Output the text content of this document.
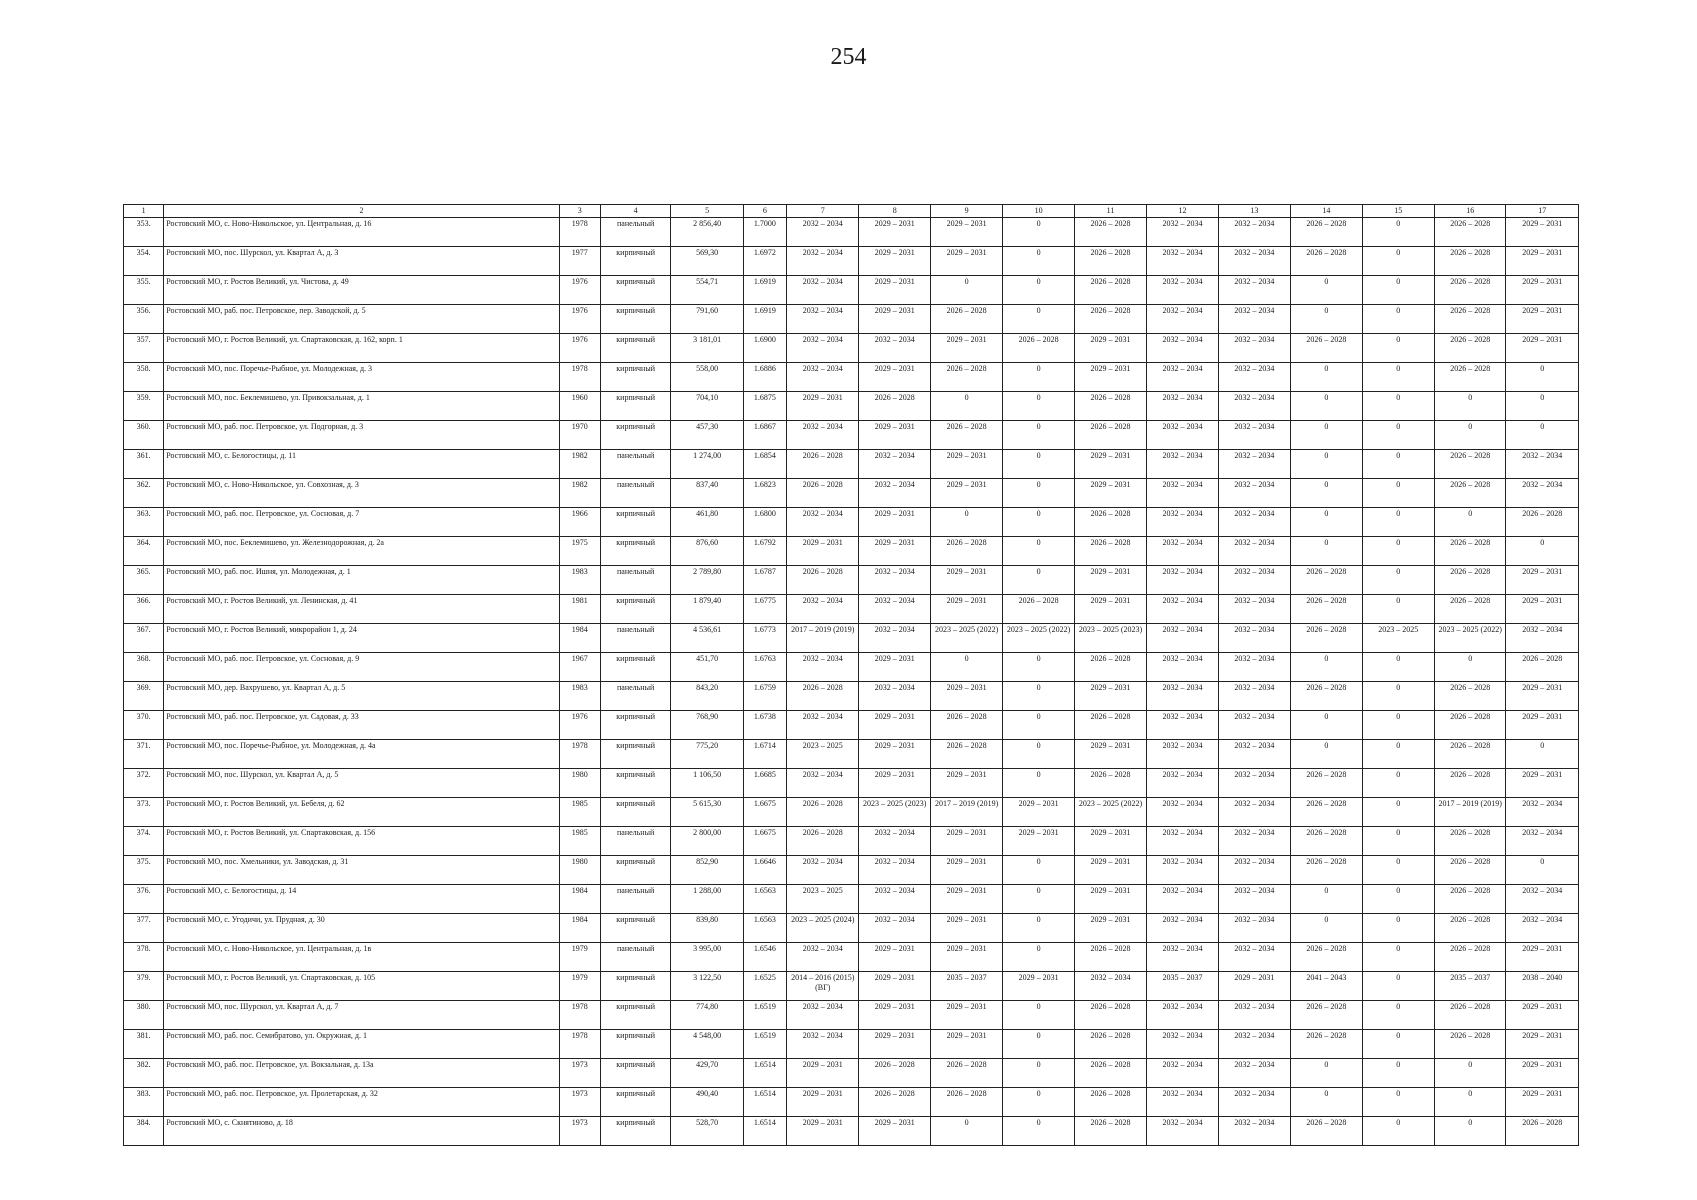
254
1	2	3	4	5	6	7	8	9	10	11	12	13	14	15	16	17
353.	Ростовский МО, с. Ново-Никольское, ул. Центральная, д. 16	1978	панельный	2 856,40	1.7000	2032 – 2034	2029 – 2031	2029 – 2031	0	2026 – 2028	2032 – 2034	2032 – 2034	2026 – 2028	0	2026 – 2028	2029 – 2031
354.	Ростовский МО, пос. Шурскол, ул. Квартал А, д. 3	1977	кирпичный	569,30	1.6972	2032 – 2034	2029 – 2031	2029 – 2031	0	2026 – 2028	2032 – 2034	2032 – 2034	2026 – 2028	0	2026 – 2028	2029 – 2031
355.	Ростовский МО, г. Ростов Великий, ул. Чистова, д. 49	1976	кирпичный	554,71	1.6919	2032 – 2034	2029 – 2031	0	0	2026 – 2028	2032 – 2034	2032 – 2034	0	0	2026 – 2028	2029 – 2031
356.	Ростовский МО, раб. пос. Петровское, пер. Заводской, д. 5	1976	кирпичный	791,60	1.6919	2032 – 2034	2029 – 2031	2026 – 2028	0	2026 – 2028	2032 – 2034	2032 – 2034	0	0	2026 – 2028	2029 – 2031
357.	Ростовский МО, г. Ростов Великий, ул. Спартаковская, д. 162, корп. 1	1976	кирпичный	3 181,01	1.6900	2032 – 2034	2032 – 2034	2029 – 2031	2026 – 2028	2029 – 2031	2032 – 2034	2032 – 2034	2026 – 2028	0	2026 – 2028	2029 – 2031
358.	Ростовский МО, пос. Поречье-Рыбное, ул. Молодежная, д. 3	1978	кирпичный	558,00	1.6886	2032 – 2034	2029 – 2031	2026 – 2028	0	2029 – 2031	2032 – 2034	2032 – 2034	0	0	2026 – 2028	0
359.	Ростовский МО, пос. Беклемишево, ул. Привокзальная, д. 1	1960	кирпичный	704,10	1.6875	2029 – 2031	2026 – 2028	0	0	2026 – 2028	2032 – 2034	2032 – 2034	0	0	0	0
360.	Ростовский МО, раб. пос. Петровское, ул. Подгорная, д. 3	1970	кирпичный	457,30	1.6867	2032 – 2034	2029 – 2031	2026 – 2028	0	2026 – 2028	2032 – 2034	2032 – 2034	0	0	0	0
361.	Ростовский МО, с. Белогостицы, д. 11	1982	панельный	1 274,00	1.6854	2026 – 2028	2032 – 2034	2029 – 2031	0	2029 – 2031	2032 – 2034	2032 – 2034	0	0	2026 – 2028	2032 – 2034
362.	Ростовский МО, с. Ново-Никольское, ул. Совхозная, д. 3	1982	панельный	837,40	1.6823	2026 – 2028	2032 – 2034	2029 – 2031	0	2029 – 2031	2032 – 2034	2032 – 2034	0	0	2026 – 2028	2032 – 2034
363.	Ростовский МО, раб. пос. Петровское, ул. Сосновая, д. 7	1966	кирпичный	461,80	1.6800	2032 – 2034	2029 – 2031	0	0	2026 – 2028	2032 – 2034	2032 – 2034	0	0	0	2026 – 2028
364.	Ростовский МО, пос. Беклемишево, ул. Железнодорожная, д. 2а	1975	кирпичный	876,60	1.6792	2029 – 2031	2029 – 2031	2026 – 2028	0	2026 – 2028	2032 – 2034	2032 – 2034	0	0	2026 – 2028	0
365.	Ростовский МО, раб. пос. Ишня, ул. Молодежная, д. 1	1983	панельный	2 789,80	1.6787	2026 – 2028	2032 – 2034	2029 – 2031	0	2029 – 2031	2032 – 2034	2032 – 2034	2026 – 2028	0	2026 – 2028	2029 – 2031
366.	Ростовский МО, г. Ростов Великий, ул. Ленинская, д. 41	1981	кирпичный	1 879,40	1.6775	2032 – 2034	2032 – 2034	2029 – 2031	2026 – 2028	2029 – 2031	2032 – 2034	2032 – 2034	2026 – 2028	0	2026 – 2028	2029 – 2031
367.	Ростовский МО, г. Ростов Великий, микрорайон 1, д. 24	1984	панельный	4 536,61	1.6773	2017 – 2019 (2019)	2032 – 2034	2023 – 2025 (2022)	2023 – 2025 (2022)	2023 – 2025 (2023)	2032 – 2034	2032 – 2034	2026 – 2028	2023 – 2025	2023 – 2025 (2022)	2032 – 2034
368.	Ростовский МО, раб. пос. Петровское, ул. Сосновая, д. 9	1967	кирпичный	451,70	1.6763	2032 – 2034	2029 – 2031	0	0	2026 – 2028	2032 – 2034	2032 – 2034	0	0	0	2026 – 2028
369.	Ростовский МО, дер. Вахрушево, ул. Квартал А, д. 5	1983	панельный	843,20	1.6759	2026 – 2028	2032 – 2034	2029 – 2031	0	2029 – 2031	2032 – 2034	2032 – 2034	2026 – 2028	0	2026 – 2028	2029 – 2031
370.	Ростовский МО, раб. пос. Петровское, ул. Садовая, д. 33	1976	кирпичный	768,90	1.6738	2032 – 2034	2029 – 2031	2026 – 2028	0	2026 – 2028	2032 – 2034	2032 – 2034	0	0	2026 – 2028	2029 – 2031
371.	Ростовский МО, пос. Поречье-Рыбное, ул. Молодежная, д. 4а	1978	кирпичный	775,20	1.6714	2023 – 2025	2029 – 2031	2026 – 2028	0	2029 – 2031	2032 – 2034	2032 – 2034	0	0	2026 – 2028	0
372.	Ростовский МО, пос. Шурскол, ул. Квартал А, д. 5	1980	кирпичный	1 106,50	1.6685	2032 – 2034	2029 – 2031	2029 – 2031	0	2026 – 2028	2032 – 2034	2032 – 2034	2026 – 2028	0	2026 – 2028	2029 – 2031
373.	Ростовский МО, г. Ростов Великий, ул. Бебеля, д. 62	1985	кирпичный	5 615,30	1.6675	2026 – 2028	2023 – 2025 (2023)	2017 – 2019 (2019)	2029 – 2031	2023 – 2025 (2022)	2032 – 2034	2032 – 2034	2026 – 2028	0	2017 – 2019 (2019)	2032 – 2034
374.	Ростовский МО, г. Ростов Великий, ул. Спартаковская, д. 156	1985	панельный	2 800,00	1.6675	2026 – 2028	2032 – 2034	2029 – 2031	2029 – 2031	2029 – 2031	2032 – 2034	2032 – 2034	2026 – 2028	0	2026 – 2028	2032 – 2034
375.	Ростовский МО, пос. Хмельники, ул. Заводская, д. 31	1980	кирпичный	852,90	1.6646	2032 – 2034	2032 – 2034	2029 – 2031	0	2029 – 2031	2032 – 2034	2032 – 2034	2026 – 2028	0	2026 – 2028	0
376.	Ростовский МО, с. Белогостицы, д. 14	1984	панельный	1 288,00	1.6563	2023 – 2025	2032 – 2034	2029 – 2031	0	2029 – 2031	2032 – 2034	2032 – 2034	0	0	2026 – 2028	2032 – 2034
377.	Ростовский МО, с. Угодичи, ул. Прудная, д. 30	1984	кирпичный	839,80	1.6563	2023 – 2025 (2024)	2032 – 2034	2029 – 2031	0	2029 – 2031	2032 – 2034	2032 – 2034	0	0	2026 – 2028	2032 – 2034
378.	Ростовский МО, с. Ново-Никольское, ул. Центральная, д. 1в	1979	панельный	3 995,00	1.6546	2032 – 2034	2029 – 2031	2029 – 2031	0	2026 – 2028	2032 – 2034	2032 – 2034	2026 – 2028	0	2026 – 2028	2029 – 2031
379.	Ростовский МО, г. Ростов Великий, ул. Спартаковская, д. 105	1979	кирпичный	3 122,50	1.6525	2014 – 2016 (2015) (ВГ)	2029 – 2031	2035 – 2037	2029 – 2031	2032 – 2034	2035 – 2037	2029 – 2031	2041 – 2043	0	2035 – 2037	2038 – 2040
380.	Ростовский МО, пос. Шурскол, ул. Квартал А, д. 7	1978	кирпичный	774,80	1.6519	2032 – 2034	2029 – 2031	2029 – 2031	0	2026 – 2028	2032 – 2034	2032 – 2034	2026 – 2028	0	2026 – 2028	2029 – 2031
381.	Ростовский МО, раб. пос. Семибратово, ул. Окружная, д. 1	1978	кирпичный	4 548,00	1.6519	2032 – 2034	2029 – 2031	2029 – 2031	0	2026 – 2028	2032 – 2034	2032 – 2034	2026 – 2028	0	2026 – 2028	2029 – 2031
382.	Ростовский МО, раб. пос. Петровское, ул. Вокзальная, д. 13а	1973	кирпичный	429,70	1.6514	2029 – 2031	2026 – 2028	2026 – 2028	0	2026 – 2028	2032 – 2034	2032 – 2034	0	0	0	2029 – 2031
383.	Ростовский МО, раб. пос. Петровское, ул. Пролетарская, д. 32	1973	кирпичный	490,40	1.6514	2029 – 2031	2026 – 2028	2026 – 2028	0	2026 – 2028	2032 – 2034	2032 – 2034	0	0	0	2029 – 2031
384.	Ростовский МО, с. Скнятиново, д. 18	1973	кирпичный	528,70	1.6514	2029 – 2031	2029 – 2031	0	0	2026 – 2028	2032 – 2034	2032 – 2034	2026 – 2028	0	0	2026 – 2028
